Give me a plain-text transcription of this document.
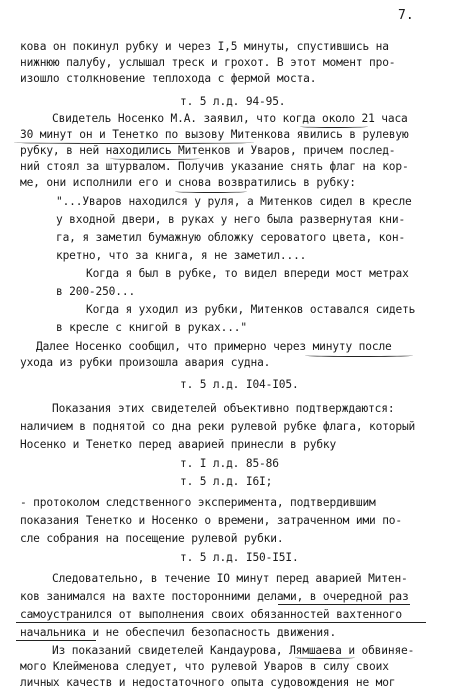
7.
кова он покинул рубку и через I,5 минуты, спустившись на
нижнюю палубу, услышал треск и грохот. В этот момент про-
изошло столкновение теплохода с фермой моста.
т. 5 л.д. 94-95.
Свидетель Носенко М.А. заявил, что когда около 21 часа
30 минут он и Тенетко по вызову Митенкова явились в рулевую
рубку, в ней находились Митенков и Уваров, причем послед-
ний стоял за штурвалом. Получив указание снять флаг на кор-
ме, они исполнили его и снова возвратились в рубку:
"...Уваров находился у руля, а Митенков сидел в кресле
у входной двери, в руках у него была развернутая кни-
га, я заметил бумажную обложку сероватого цвета, кон-
кретно, что за книга, я не заметил....
Когда я был в рубке, то видел впереди мост метрах
в 200-250...
Когда я уходил из рубки, Митенков оставался сидеть
в кресле с книгой в руках..."
Далее Носенко сообщил, что примерно через минуту после
ухода из рубки произошла авария судна.
т. 5 л.д. I04-I05.
Показания этих свидетелей объективно подтверждаются:
наличием в поднятой со дна реки рулевой рубке флага, который
Носенко и Тенетко перед аварией принесли в рубку
т. I л.д. 85-86
т. 5 л.д. I6I;
- протоколом следственного эксперимента, подтвердившим
показания Тенетко и Носенко о времени, затраченном ими по-
сле собрания на посещение рулевой рубки.
т. 5 л.д. I50-I5I.
Следовательно, в течение IO минут перед аварией Митен-
ков занимался на вахте посторонними делами, в очередной раз
самоустранился от выполнения своих обязанностей вахтенного
начальника и не обеспечил безопасность движения.
Из показаний свидетелей Кандаурова, Лямшаева и обвиняе-
мого Клейменова следует, что рулевой Уваров в силу своих
личных качеств и недостаточного опыта судовождения не мог
